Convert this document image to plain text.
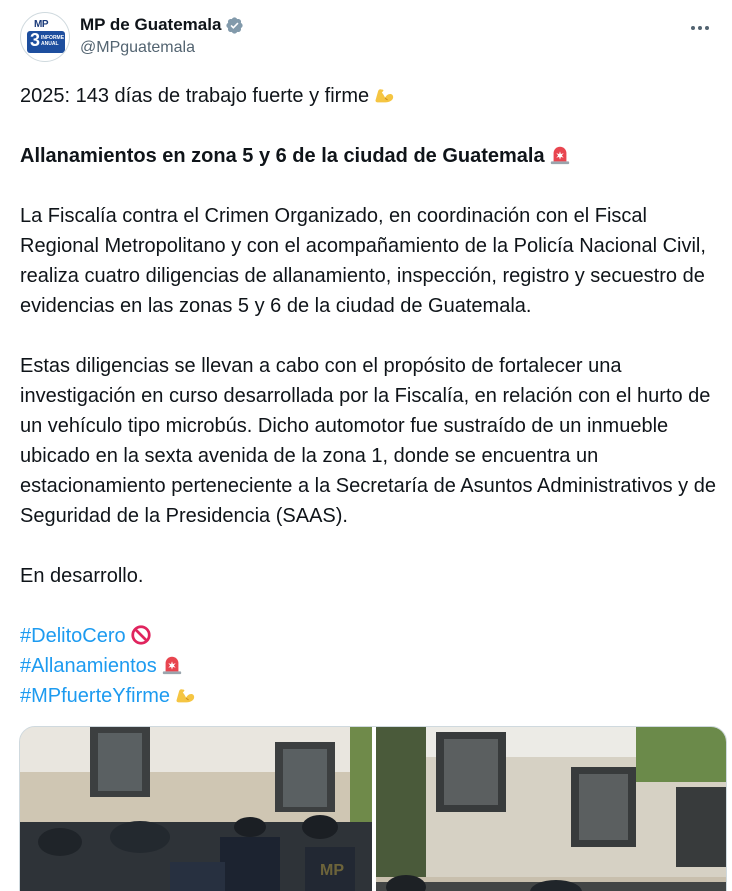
MP
3 INFORME ANUAL
MP de Guatemala
@MPguatemala
2025: 143 días de trabajo fuerte y firme
Allanamientos en zona 5 y 6 de la ciudad de Guatemala
La Fiscalía contra el Crimen Organizado, en coordinación con el Fiscal Regional Metropolitano y con el acompañamiento de la Policía Nacional Civil, realiza cuatro diligencias de allanamiento, inspección, registro y secuestro de evidencias en las zonas 5 y 6 de la ciudad de Guatemala.
Estas diligencias se llevan a cabo con el propósito de fortalecer una investigación en curso desarrollada por la Fiscalía, en relación con el hurto de un vehículo tipo microbús. Dicho automotor fue sustraído de un inmueble ubicado en la sexta avenida de la zona 1, donde se encuentra un estacionamiento perteneciente a la Secretaría de Asuntos Administrativos y de Seguridad de la Presidencia (SAAS).
En desarrollo.
#DelitoCero
#Allanamientos
#MPfuerteYfirme
